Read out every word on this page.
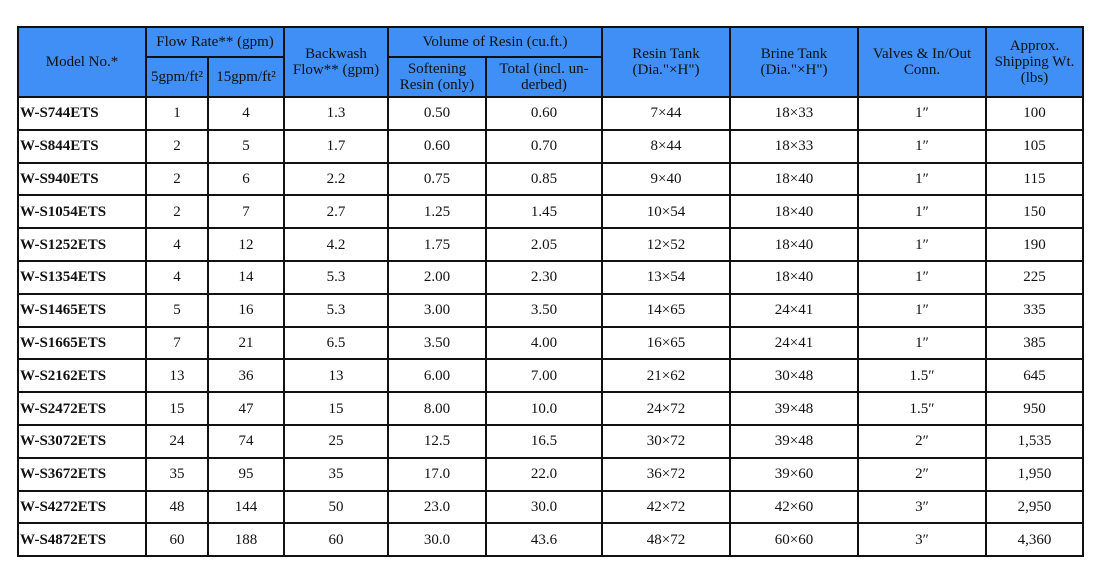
Model No.*	Flow Rate** (gpm)		Backwash Flow** (gpm)	Volume of Resin (cu.ft.)		Resin Tank (Dia."×H")	Brine Tank (Dia."×H")	Valves & In/Out Conn.	Approx. Shipping Wt. (lbs)
	5gpm/ft²	15gpm/ft²		Softening Resin (only)	Total (incl. un-derbed)				
W-S744ETS	1	4	1.3	0.50	0.60	7×44	18×33	1″	100
W-S844ETS	2	5	1.7	0.60	0.70	8×44	18×33	1″	105
W-S940ETS	2	6	2.2	0.75	0.85	9×40	18×40	1″	115
W-S1054ETS	2	7	2.7	1.25	1.45	10×54	18×40	1″	150
W-S1252ETS	4	12	4.2	1.75	2.05	12×52	18×40	1″	190
W-S1354ETS	4	14	5.3	2.00	2.30	13×54	18×40	1″	225
W-S1465ETS	5	16	5.3	3.00	3.50	14×65	24×41	1″	335
W-S1665ETS	7	21	6.5	3.50	4.00	16×65	24×41	1″	385
W-S2162ETS	13	36	13	6.00	7.00	21×62	30×48	1.5″	645
W-S2472ETS	15	47	15	8.00	10.0	24×72	39×48	1.5″	950
W-S3072ETS	24	74	25	12.5	16.5	30×72	39×48	2″	1,535
W-S3672ETS	35	95	35	17.0	22.0	36×72	39×60	2″	1,950
W-S4272ETS	48	144	50	23.0	30.0	42×72	42×60	3″	2,950
W-S4872ETS	60	188	60	30.0	43.6	48×72	60×60	3″	4,360
